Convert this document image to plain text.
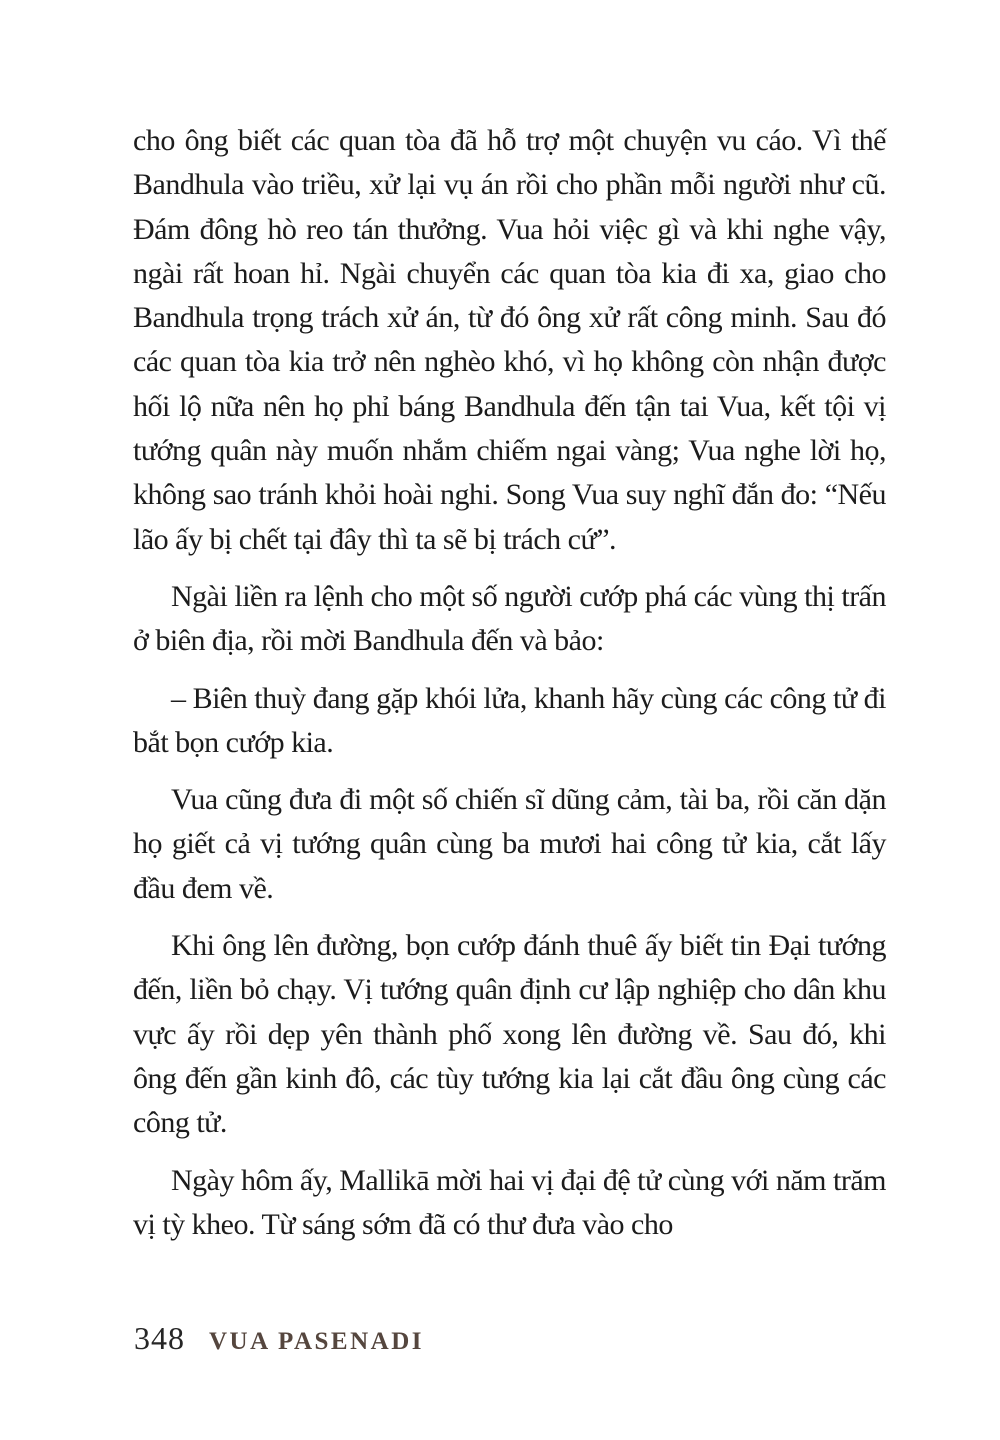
cho ông biết các quan tòa đã hỗ trợ một chuyện vu cáo. Vì thế Bandhula vào triều, xử lại vụ án rồi cho phần mỗi người như cũ. Đám đông hò reo tán thưởng. Vua hỏi việc gì và khi nghe vậy, ngài rất hoan hỉ. Ngài chuyển các quan tòa kia đi xa, giao cho Bandhula trọng trách xử án, từ đó ông xử rất công minh. Sau đó các quan tòa kia trở nên nghèo khó, vì họ không còn nhận được hối lộ nữa nên họ phỉ báng Bandhula đến tận tai Vua, kết tội vị tướng quân này muốn nhắm chiếm ngai vàng; Vua nghe lời họ, không sao tránh khỏi hoài nghi. Song Vua suy nghĩ đắn đo: “Nếu lão ấy bị chết tại đây thì ta sẽ bị trách cứ”.

Ngài liền ra lệnh cho một số người cướp phá các vùng thị trấn ở biên địa, rồi mời Bandhula đến và bảo:

– Biên thuỳ đang gặp khói lửa, khanh hãy cùng các công tử đi bắt bọn cướp kia.

Vua cũng đưa đi một số chiến sĩ dũng cảm, tài ba, rồi căn dặn họ giết cả vị tướng quân cùng ba mươi hai công tử kia, cắt lấy đầu đem về.

Khi ông lên đường, bọn cướp đánh thuê ấy biết tin Đại tướng đến, liền bỏ chạy. Vị tướng quân định cư lập nghiệp cho dân khu vực ấy rồi dẹp yên thành phố xong lên đường về. Sau đó, khi ông đến gần kinh đô, các tùy tướng kia lại cắt đầu ông cùng các công tử.

Ngày hôm ấy, Mallikā mời hai vị đại đệ tử cùng với năm trăm vị tỳ kheo. Từ sáng sớm đã có thư đưa vào cho

348 VUA PASENADI
